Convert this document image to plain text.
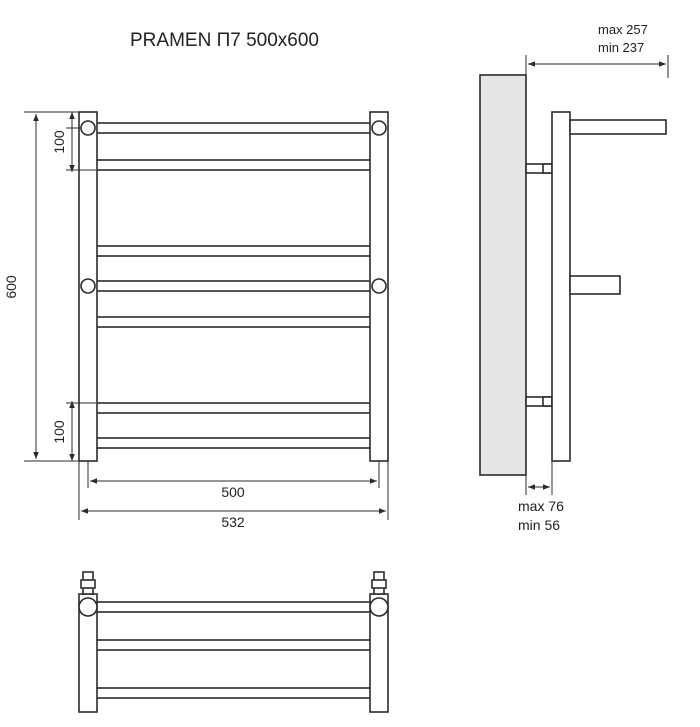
PRAMEN П7 500x600
600
100
100
500
532
max 257
min 237
max 76
min 56
